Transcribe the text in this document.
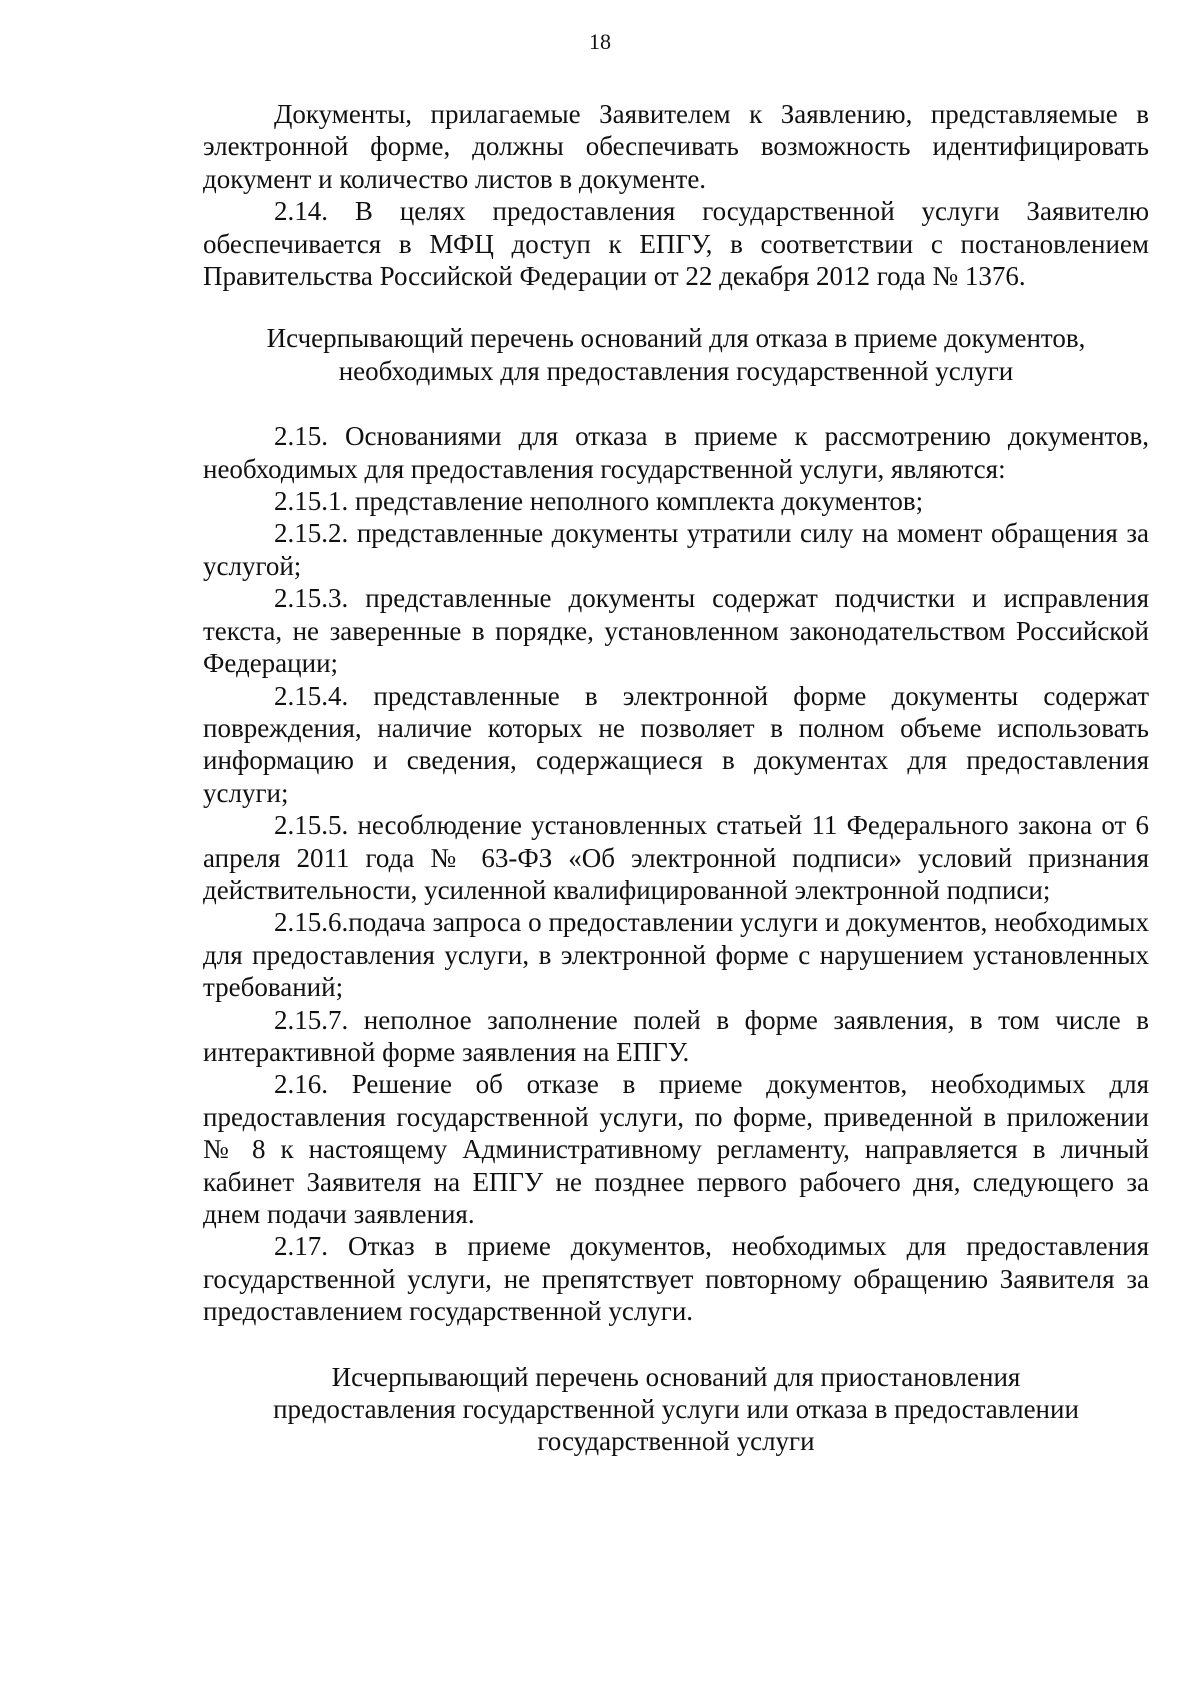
18

Документы, прилагаемые Заявителем к Заявлению, представляемые в электронной форме, должны обеспечивать возможность идентифицировать документ и количество листов в документе.

2.14. В целях предоставления государственной услуги Заявителю обеспечивается в МФЦ доступ к ЕПГУ, в соответствии с постановлением Правительства Российской Федерации от 22 декабря 2012 года № 1376.

Исчерпывающий перечень оснований для отказа в приеме документов,
необходимых для предоставления государственной услуги

2.15. Основаниями для отказа в приеме к рассмотрению документов, необходимых для предоставления государственной услуги, являются:

2.15.1. представление неполного комплекта документов;

2.15.2. представленные документы утратили силу на момент обращения за услугой;

2.15.3. представленные документы содержат подчистки и исправления текста, не заверенные в порядке, установленном законодательством Российской Федерации;

2.15.4. представленные в электронной форме документы содержат повреждения, наличие которых не позволяет в полном объеме использовать информацию и сведения, содержащиеся в документах для предоставления услуги;

2.15.5. несоблюдение установленных статьей 11 Федерального закона от 6 апреля 2011 года № 63-ФЗ «Об электронной подписи» условий признания действительности, усиленной квалифицированной электронной подписи;

2.15.6.подача запроса о предоставлении услуги и документов, необходимых для предоставления услуги, в электронной форме с нарушением установленных требований;

2.15.7. неполное заполнение полей в форме заявления, в том числе в интерактивной форме заявления на ЕПГУ.

2.16. Решение об отказе в приеме документов, необходимых для предоставления государственной услуги, по форме, приведенной в приложении № 8 к настоящему Административному регламенту, направляется в личный кабинет Заявителя на ЕПГУ не позднее первого рабочего дня, следующего за днем подачи заявления.

2.17. Отказ в приеме документов, необходимых для предоставления государственной услуги, не препятствует повторному обращению Заявителя за предоставлением государственной услуги.

Исчерпывающий перечень оснований для приостановления
предоставления государственной услуги или отказа в предоставлении
государственной услуги
